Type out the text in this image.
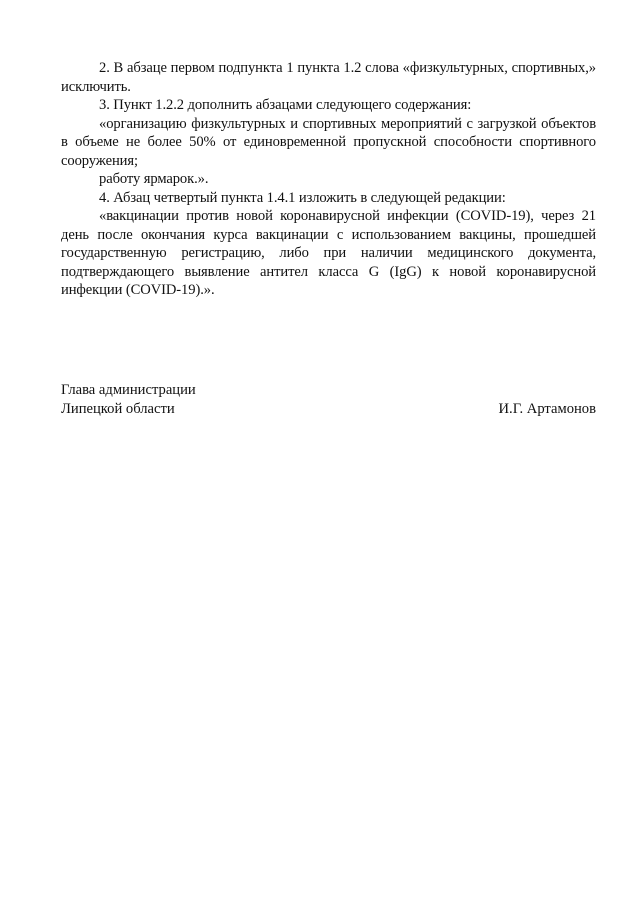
2. В абзаце первом подпункта 1 пункта 1.2 слова «физкультурных, спортивных,» исключить.

3. Пункт 1.2.2 дополнить абзацами следующего содержания:

«организацию физкультурных и спортивных мероприятий с загрузкой объектов в объеме не более 50% от единовременной пропускной способности спортивного сооружения;

работу ярмарок.».

4. Абзац четвертый пункта 1.4.1 изложить в следующей редакции:

«вакцинации против новой коронавирусной инфекции (COVID-19), через 21 день после окончания курса вакцинации с использованием вакцины, прошедшей государственную регистрацию, либо при наличии медицинского документа, подтверждающего выявление антител класса G (IgG) к новой коронавирусной инфекции (COVID-19).».

Глава администрации
Липецкой области	И.Г. Артамонов
